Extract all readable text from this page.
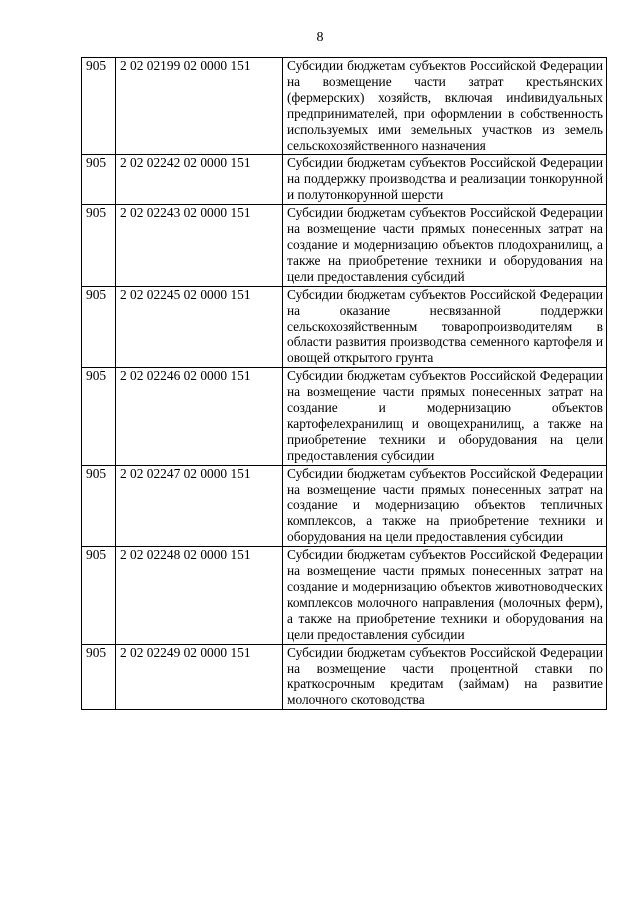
8
905	2 02 02199 02 0000 151	Субсидии бюджетам субъектов Российской Федерации на возмещение части затрат крестьянских (фермерских) хозяйств, включая инdивидуальных предпринимателей, при оформлении в собственность используемых ими земельных участков из земель сельскохозяйственного назначения
905	2 02 02242 02 0000 151	Субсидии бюджетам субъектов Российской Федерации на поддержку производства и реализации тонкорунной и полутонкорунной шерсти
905	2 02 02243 02 0000 151	Субсидии бюджетам субъектов Российской Федерации на возмещение части прямых понесенных затрат на создание и модернизацию объектов плодохранилищ, а также на приобретение техники и оборудования на цели предоставления субсидий
905	2 02 02245 02 0000 151	Субсидии бюджетам субъектов Российской Федерации на оказание несвязанной поддержки сельскохозяйственным товаропроизводителям в области развития производства семенного картофеля и овощей открытого грунта
905	2 02 02246 02 0000 151	Субсидии бюджетам субъектов Российской Федерации на возмещение части прямых понесенных затрат на создание и модернизацию объектов картофелехранилищ и овощехранилищ, а также на приобретение техники и оборудования на цели предоставления субсидии
905	2 02 02247 02 0000 151	Субсидии бюджетам субъектов Российской Федерации на возмещение части прямых понесенных затрат на создание и модернизацию объектов тепличных комплексов, а также на приобретение техники и оборудования на цели предоставления субсидии
905	2 02 02248 02 0000 151	Субсидии бюджетам субъектов Российской Федерации на возмещение части прямых понесенных затрат на создание и модернизацию объектов животноводческих комплексов молочного направления (молочных ферм), а также на приобретение техники и оборудования на цели предоставления субсидии
905	2 02 02249 02 0000 151	Субсидии бюджетам субъектов Российской Федерации на возмещение части процентной ставки по краткосрочным кредитам (займам) на развитие молочного скотоводства
